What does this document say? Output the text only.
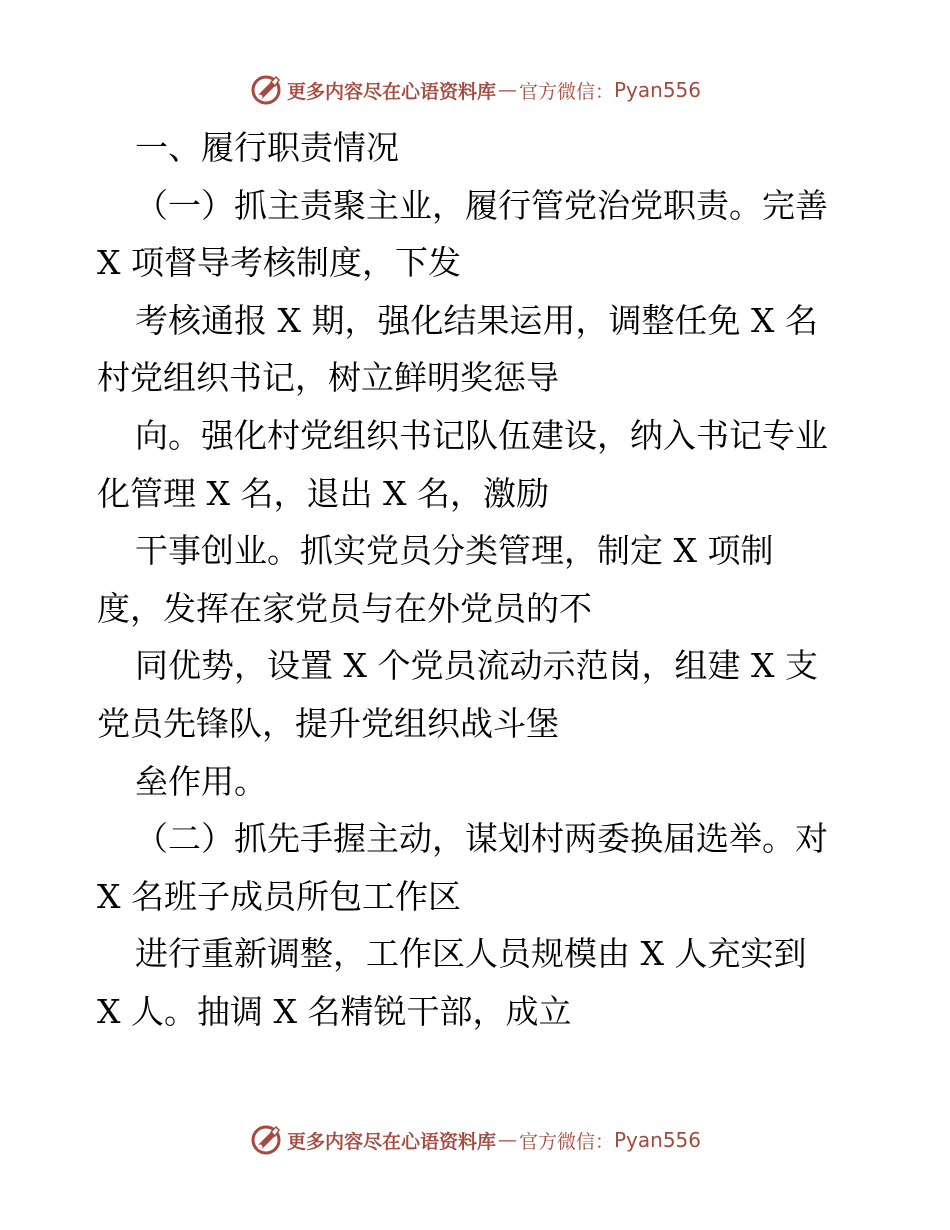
更多内容尽在心语资料库 — 官方微信： Pyan556
一、履行职责情况
（一）抓主责聚主业，履行管党治党职责。完善
X 项督导考核制度，下发
考核通报 X 期，强化结果运用，调整任免 X 名
村党组织书记，树立鲜明奖惩导
向。强化村党组织书记队伍建设，纳入书记专业
化管理 X 名，退出 X 名，激励
干事创业。抓实党员分类管理，制定 X 项制
度，发挥在家党员与在外党员的不
同优势，设置 X 个党员流动示范岗，组建 X 支
党员先锋队，提升党组织战斗堡
垒作用。
（二）抓先手握主动，谋划村两委换届选举。对
X 名班子成员所包工作区
进行重新调整，工作区人员规模由 X 人充实到
X 人。抽调 X 名精锐干部，成立
更多内容尽在心语资料库 — 官方微信： Pyan556
